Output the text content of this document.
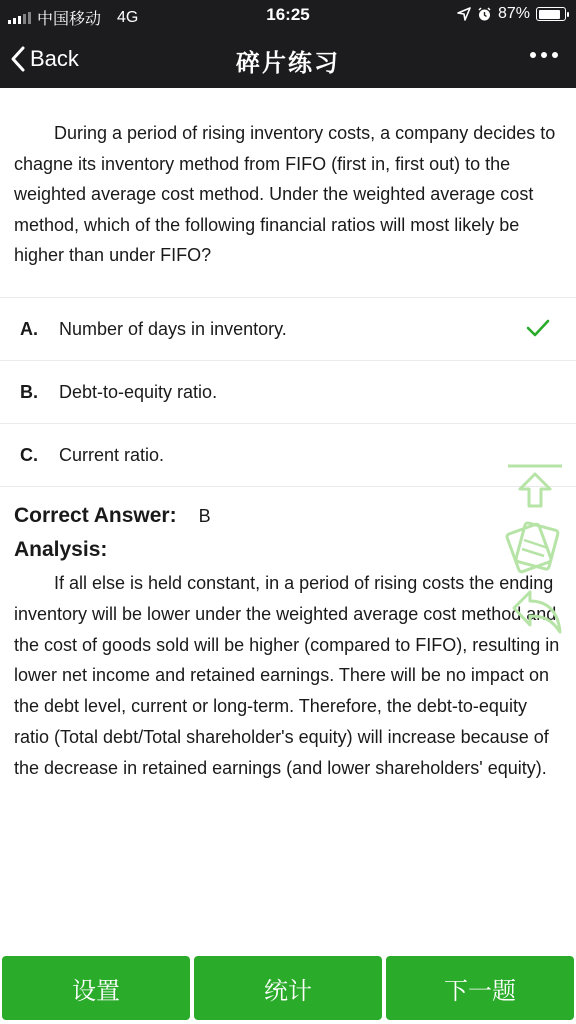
中国移动 4G	16:25	87%
Back	碎片练习

During a period of rising inventory costs, a company decides to chagne its inventory method from FIFO (first in, first out) to the weighted average cost method. Under the weighted average cost method, which of the following financial ratios will most likely be higher than under FIFO?

A. Number of days in inventory.
B. Debt-to-equity ratio.
C. Current ratio.
Correct Answer: B
Analysis:

If all else is held constant, in a period of rising costs the ending inventory will be lower under the weighted average cost method and the cost of goods sold will be higher (compared to FIFO), resulting in lower net income and retained earnings. There will be no impact on the debt level, current or long-term. Therefore, the debt-to-equity ratio (Total debt/Total shareholder's equity) will increase because of the decrease in retained earnings (and lower shareholders' equity).

设置	统计	下一题
